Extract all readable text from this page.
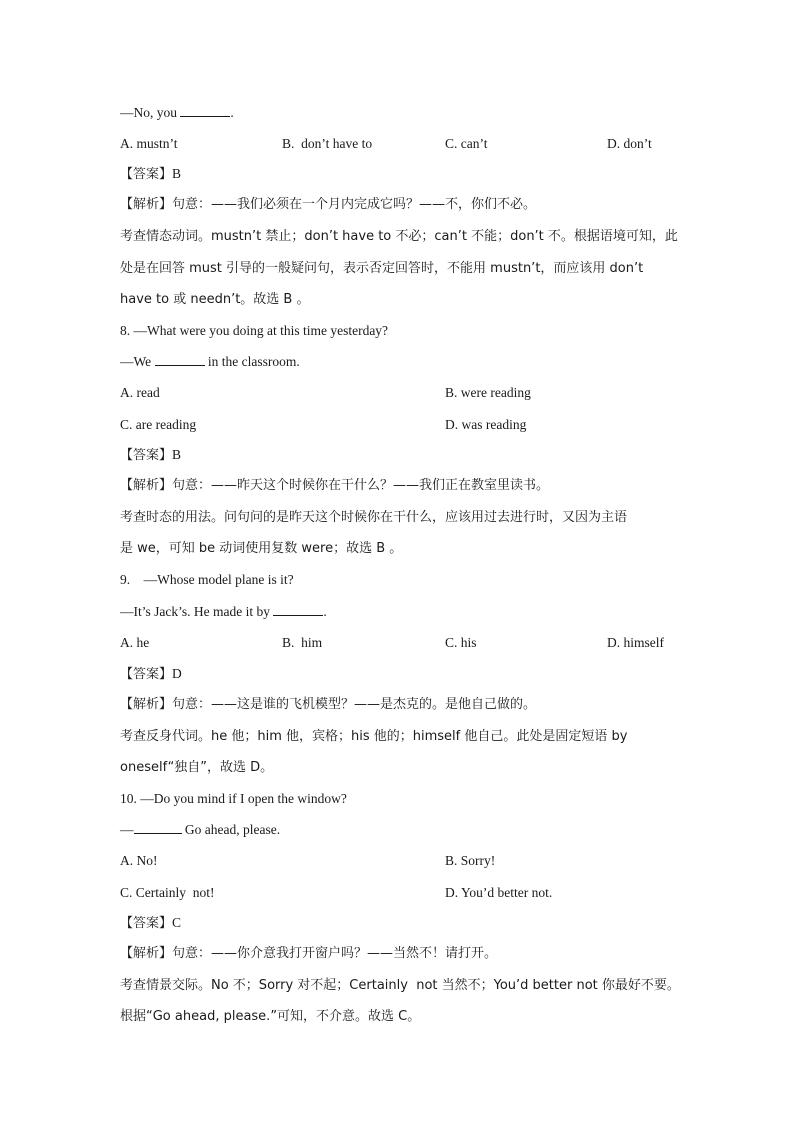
—No, you	.
A. mustn’t	B.  don’t have to	C. can’t	D. don’t
【答案】B
【解析】句意：——我们必须在一个月内完成它吗？——不，你们不必。
考查情态动词。mustn’t 禁止；don’t have to 不必；can’t 不能；don’t 不。根据语境可知，此
处是在回答 must 引导的一般疑问句，表示否定回答时，不能用 mustn’t，而应该用 don’t
have to 或 needn’t。故选 B 。
8. —What were you doing at this time yesterday?
—We	in the classroom.
A. read	B. were reading
C. are reading	D. was reading
【答案】B
【解析】句意：——昨天这个时候你在干什么？——我们正在教室里读书。
考查时态的用法。问句问的是昨天这个时候你在干什么，应该用过去进行时，又因为主语
是 we，可知 be 动词使用复数 were；故选 B 。
9.    —Whose model plane is it?
—It’s Jack’s. He made it by	.
A. he	B.  him	C. his	D. himself
【答案】D
【解析】句意：——这是谁的飞机模型？——是杰克的。是他自己做的。
考查反身代词。he 他；him 他，宾格；his 他的；himself 他自己。此处是固定短语 by
oneself“独自”，故选 D。
10. —Do you mind if I open the window?
—	Go ahead, please.
A. No!	B. Sorry!
C. Certainly  not!	D. You’d better not.
【答案】C
【解析】句意：——你介意我打开窗户吗？——当然不！请打开。
考查情景交际。No 不；Sorry 对不起；Certainly  not 当然不；You’d better not 你最好不要。
根据“Go ahead, please.”可知，不介意。故选 C。
